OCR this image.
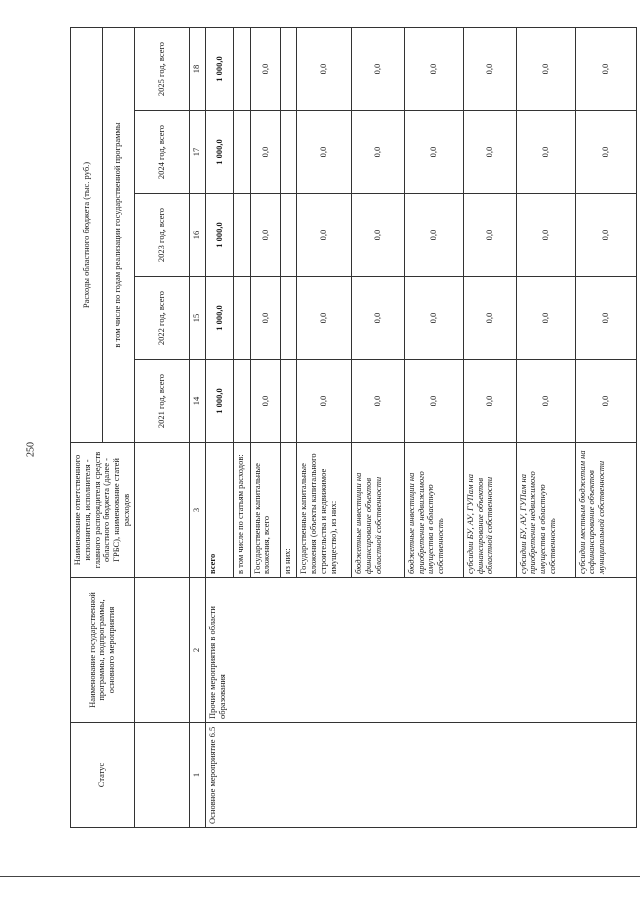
250
Статус	Наименование государственной программы, подпрограммы, основного мероприятия	Наименование ответственного исполнителя, исполнителя - главного распорядителя средств областного бюджета (далее - ГРБС), наименование статей расходов	Расходы областного бюджета (тыс. руб.)				
			в том числе по годам реализации государственной программы				
			2021 год, всего	2022 год, всего	2023 год, всего	2024 год, всего	2025 год, всего
1	2	3	14	15	16	17	18
Основное мероприятие 6.5	Прочие мероприятия в области образования	всего	1 000,0	1 000,0	1 000,0	1 000,0	1 000,0
		в том числе по статьям расходов:					
		Государственные капитальные вложения, всего	0,0	0,0	0,0	0,0	0,0
		из них:					
		Государственные капитальные вложения (объекты капитального строительства и недвижимое имущество), из них:	0,0	0,0	0,0	0,0	0,0
		бюджетные инвестиции на финансирование объектов областной собственности	0,0	0,0	0,0	0,0	0,0
		бюджетные инвестиции на приобретение недвижимого имущества в областную собственность	0,0	0,0	0,0	0,0	0,0
		субсидии БУ, АУ, ГУПам на финансирование объектов областной собственности	0,0	0,0	0,0	0,0	0,0
		субсидии БУ, АУ, ГУПам на приобретение недвижимого имущества в областную собственность	0,0	0,0	0,0	0,0	0,0
		субсидии местным бюджетам на софинансирование объектов муниципальной собственности	0,0	0,0	0,0	0,0	0,0
